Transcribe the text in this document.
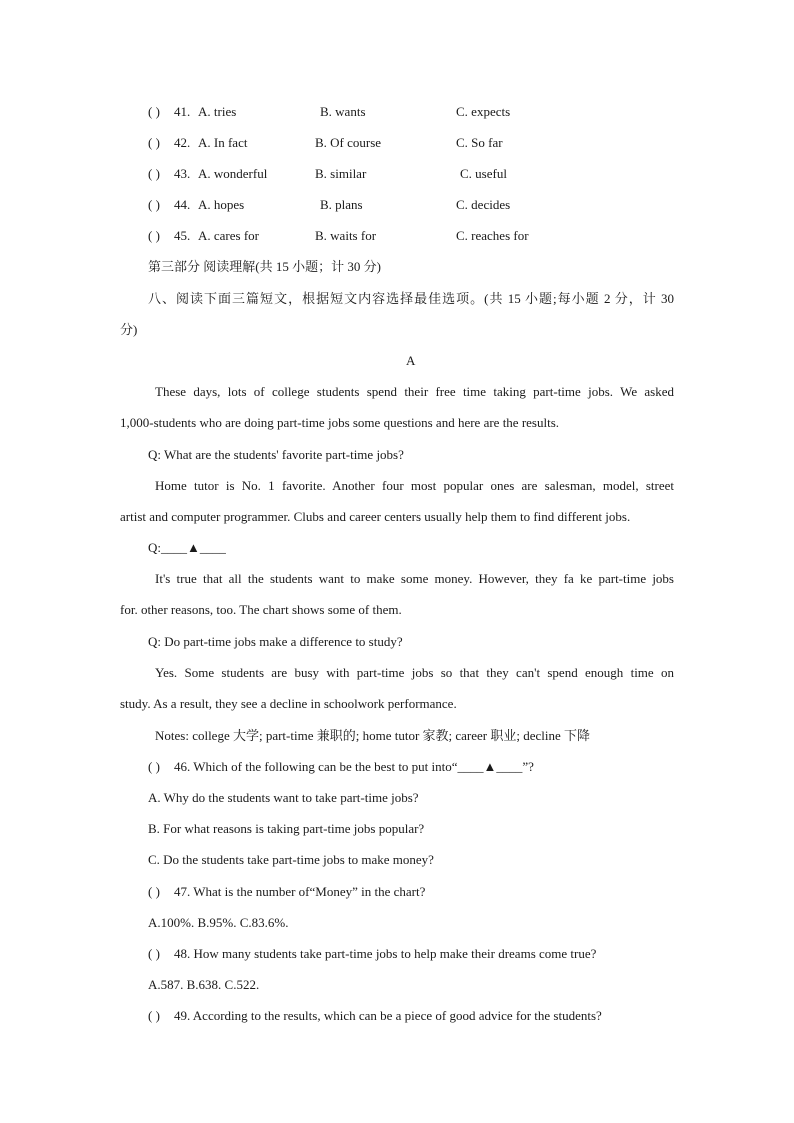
( ) 41. A. tries	B. wants	C. expects
( ) 42. A. In fact	B. Of course	C. So far
( ) 43. A. wonderful	B. similar	C. useful
( ) 44. A. hopes	B. plans	C. decides
( ) 45. A. cares for	B. waits for	C. reaches for
第三部分 阅读理解(共 15 小题；计 30 分)
八、阅读下面三篇短文，根据短文内容选择最佳选项。(共 15 小题;每小题 2 分，计 30
分)
A
These days, lots of college students spend their free time taking part-time jobs. We asked
1,000-students who are doing part-time jobs some questions and here are the results.
Q: What are the students' favorite part-time jobs?
Home tutor is No. 1 favorite. Another four most popular ones are salesman, model, street
artist and computer programmer. Clubs and career centers usually help them to find different jobs.
Q:____▲____
It's true that all the students want to make some money. However, they fa ke part-time jobs
for. other reasons, too. The chart shows some of them.
Q: Do part-time jobs make a difference to study?
Yes. Some students are busy with part-time jobs so that they can't spend enough time on
study. As a result, they see a decline in schoolwork performance.
Notes: college 大学; part-time 兼职的; home tutor 家教; career 职业; decline 下降
( ) 46. Which of the following can be the best to put into“____▲____”?
A. Why do the students want to take part-time jobs?
B. For what reasons is taking part-time jobs popular?
C. Do the students take part-time jobs to make money?
( ) 47. What is the number of“Money” in the chart?
A.100%. B.95%. C.83.6%.
( ) 48. How many students take part-time jobs to help make their dreams come true?
A.587. B.638. C.522.
( ) 49. According to the results, which can be a piece of good advice for the students?
